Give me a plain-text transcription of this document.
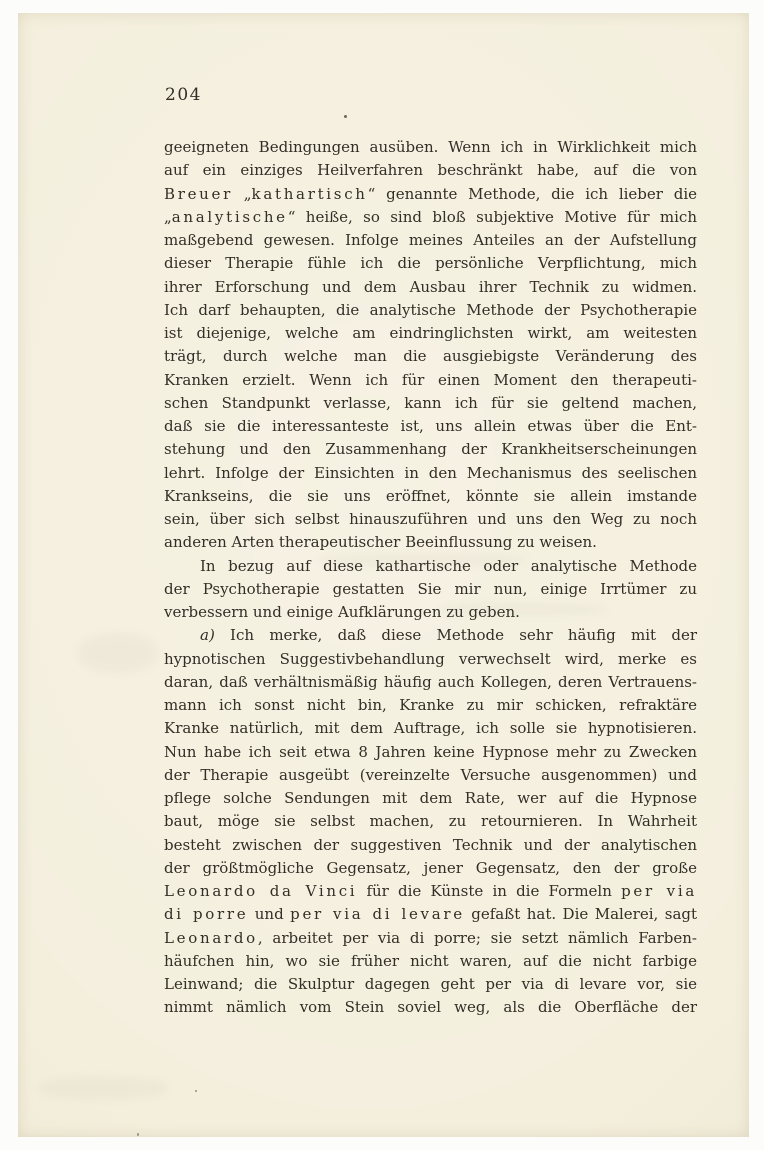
204
geeigneten Bedingungen ausüben. Wenn ich in Wirklichkeit mich
auf ein einziges Heilverfahren beschränkt habe, auf die von
Breuer „kathartisch“ genannte Methode, die ich lieber die
„analytische“ heiße, so sind bloß subjektive Motive für mich
maßgebend gewesen. Infolge meines Anteiles an der Aufstellung
dieser Therapie fühle ich die persönliche Verpflichtung, mich
ihrer Erforschung und dem Ausbau ihrer Technik zu widmen.
Ich darf behaupten, die analytische Methode der Psychotherapie
ist diejenige, welche am eindringlichsten wirkt, am weitesten
trägt, durch welche man die ausgiebigste Veränderung des
Kranken erzielt. Wenn ich für einen Moment den therapeuti-
schen Standpunkt verlasse, kann ich für sie geltend machen,
daß sie die interessanteste ist, uns allein etwas über die Ent-
stehung und den Zusammenhang der Krankheitserscheinungen
lehrt. Infolge der Einsichten in den Mechanismus des seelischen
Krankseins, die sie uns eröffnet, könnte sie allein imstande
sein, über sich selbst hinauszuführen und uns den Weg zu noch
anderen Arten therapeutischer Beeinflussung zu weisen.
In bezug auf diese kathartische oder analytische Methode
der Psychotherapie gestatten Sie mir nun, einige Irrtümer zu
verbessern und einige Aufklärungen zu geben.
a) Ich merke, daß diese Methode sehr häufig mit der
hypnotischen Suggestivbehandlung verwechselt wird, merke es
daran, daß verhältnismäßig häufig auch Kollegen, deren Vertrauens-
mann ich sonst nicht bin, Kranke zu mir schicken, refraktäre
Kranke natürlich, mit dem Auftrage, ich solle sie hypnotisieren.
Nun habe ich seit etwa 8 Jahren keine Hypnose mehr zu Zwecken
der Therapie ausgeübt (vereinzelte Versuche ausgenommen) und
pflege solche Sendungen mit dem Rate, wer auf die Hypnose
baut, möge sie selbst machen, zu retournieren. In Wahrheit
besteht zwischen der suggestiven Technik und der analytischen
der größtmögliche Gegensatz, jener Gegensatz, den der große
Leonardo da Vinci für die Künste in die Formeln per via
di porre und per via di levare gefaßt hat. Die Malerei, sagt
Leonardo, arbeitet per via di porre; sie setzt nämlich Farben-
häufchen hin, wo sie früher nicht waren, auf die nicht farbige
Leinwand; die Skulptur dagegen geht per via di levare vor, sie
nimmt nämlich vom Stein soviel weg, als die Oberfläche der
